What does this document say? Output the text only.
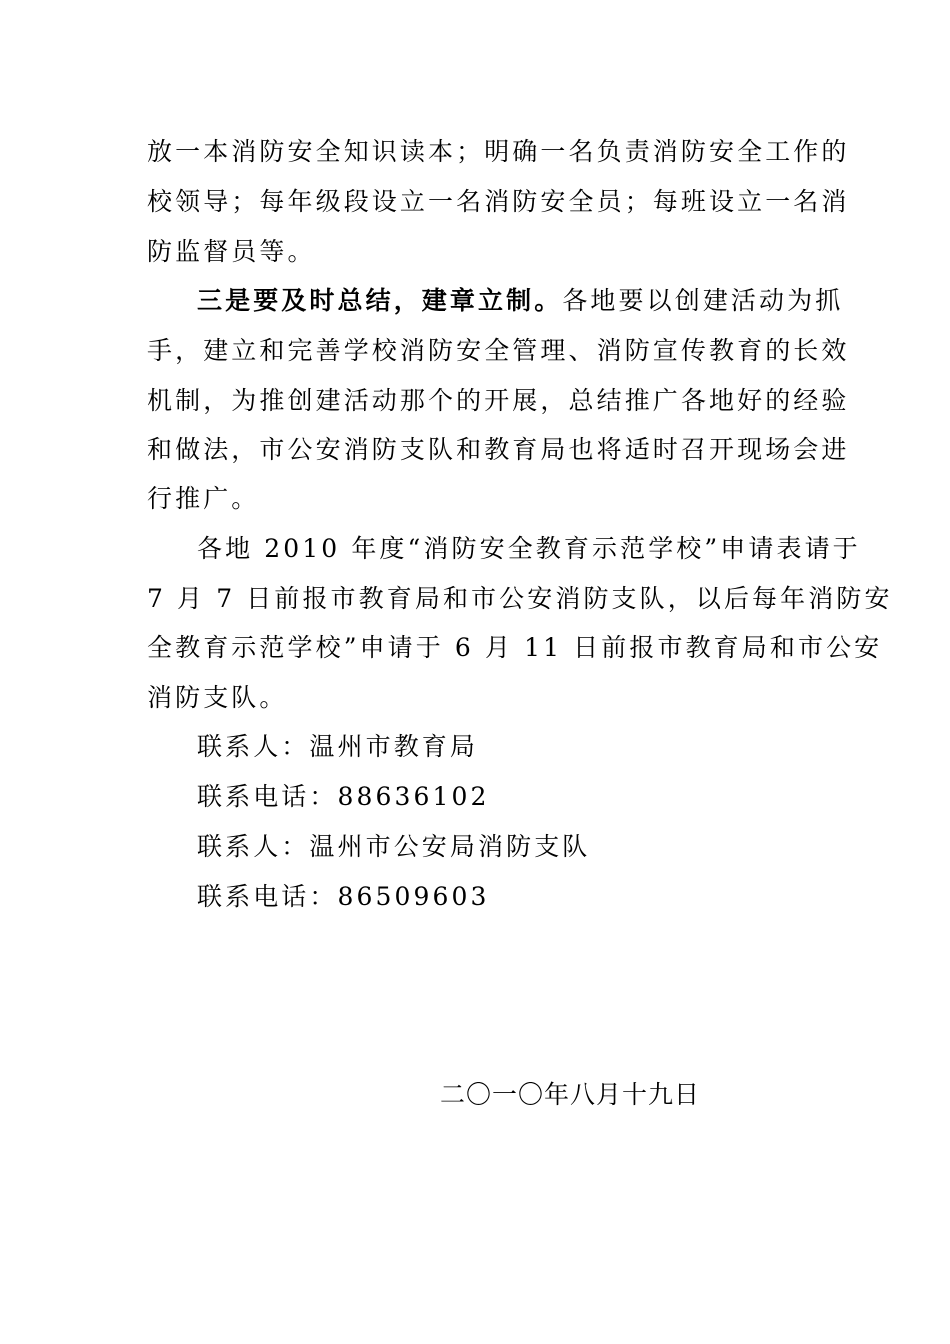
放一本消防安全知识读本；明确一名负责消防安全工作的
校领导；每年级段设立一名消防安全员；每班设立一名消
防监督员等。
三是要及时总结，建章立制。各地要以创建活动为抓
手，建立和完善学校消防安全管理、消防宣传教育的长效
机制，为推创建活动那个的开展，总结推广各地好的经验
和做法，市公安消防支队和教育局也将适时召开现场会进
行推广。
各地 2010 年度“消防安全教育示范学校”申请表请于
7 月 7 日前报市教育局和市公安消防支队，以后每年消防安
全教育示范学校”申请于 6 月 11 日前报市教育局和市公安
消防支队。
联系人：温州市教育局
联系电话：88636102
联系人：温州市公安局消防支队
联系电话：86509603
二〇一〇年八月十九日
